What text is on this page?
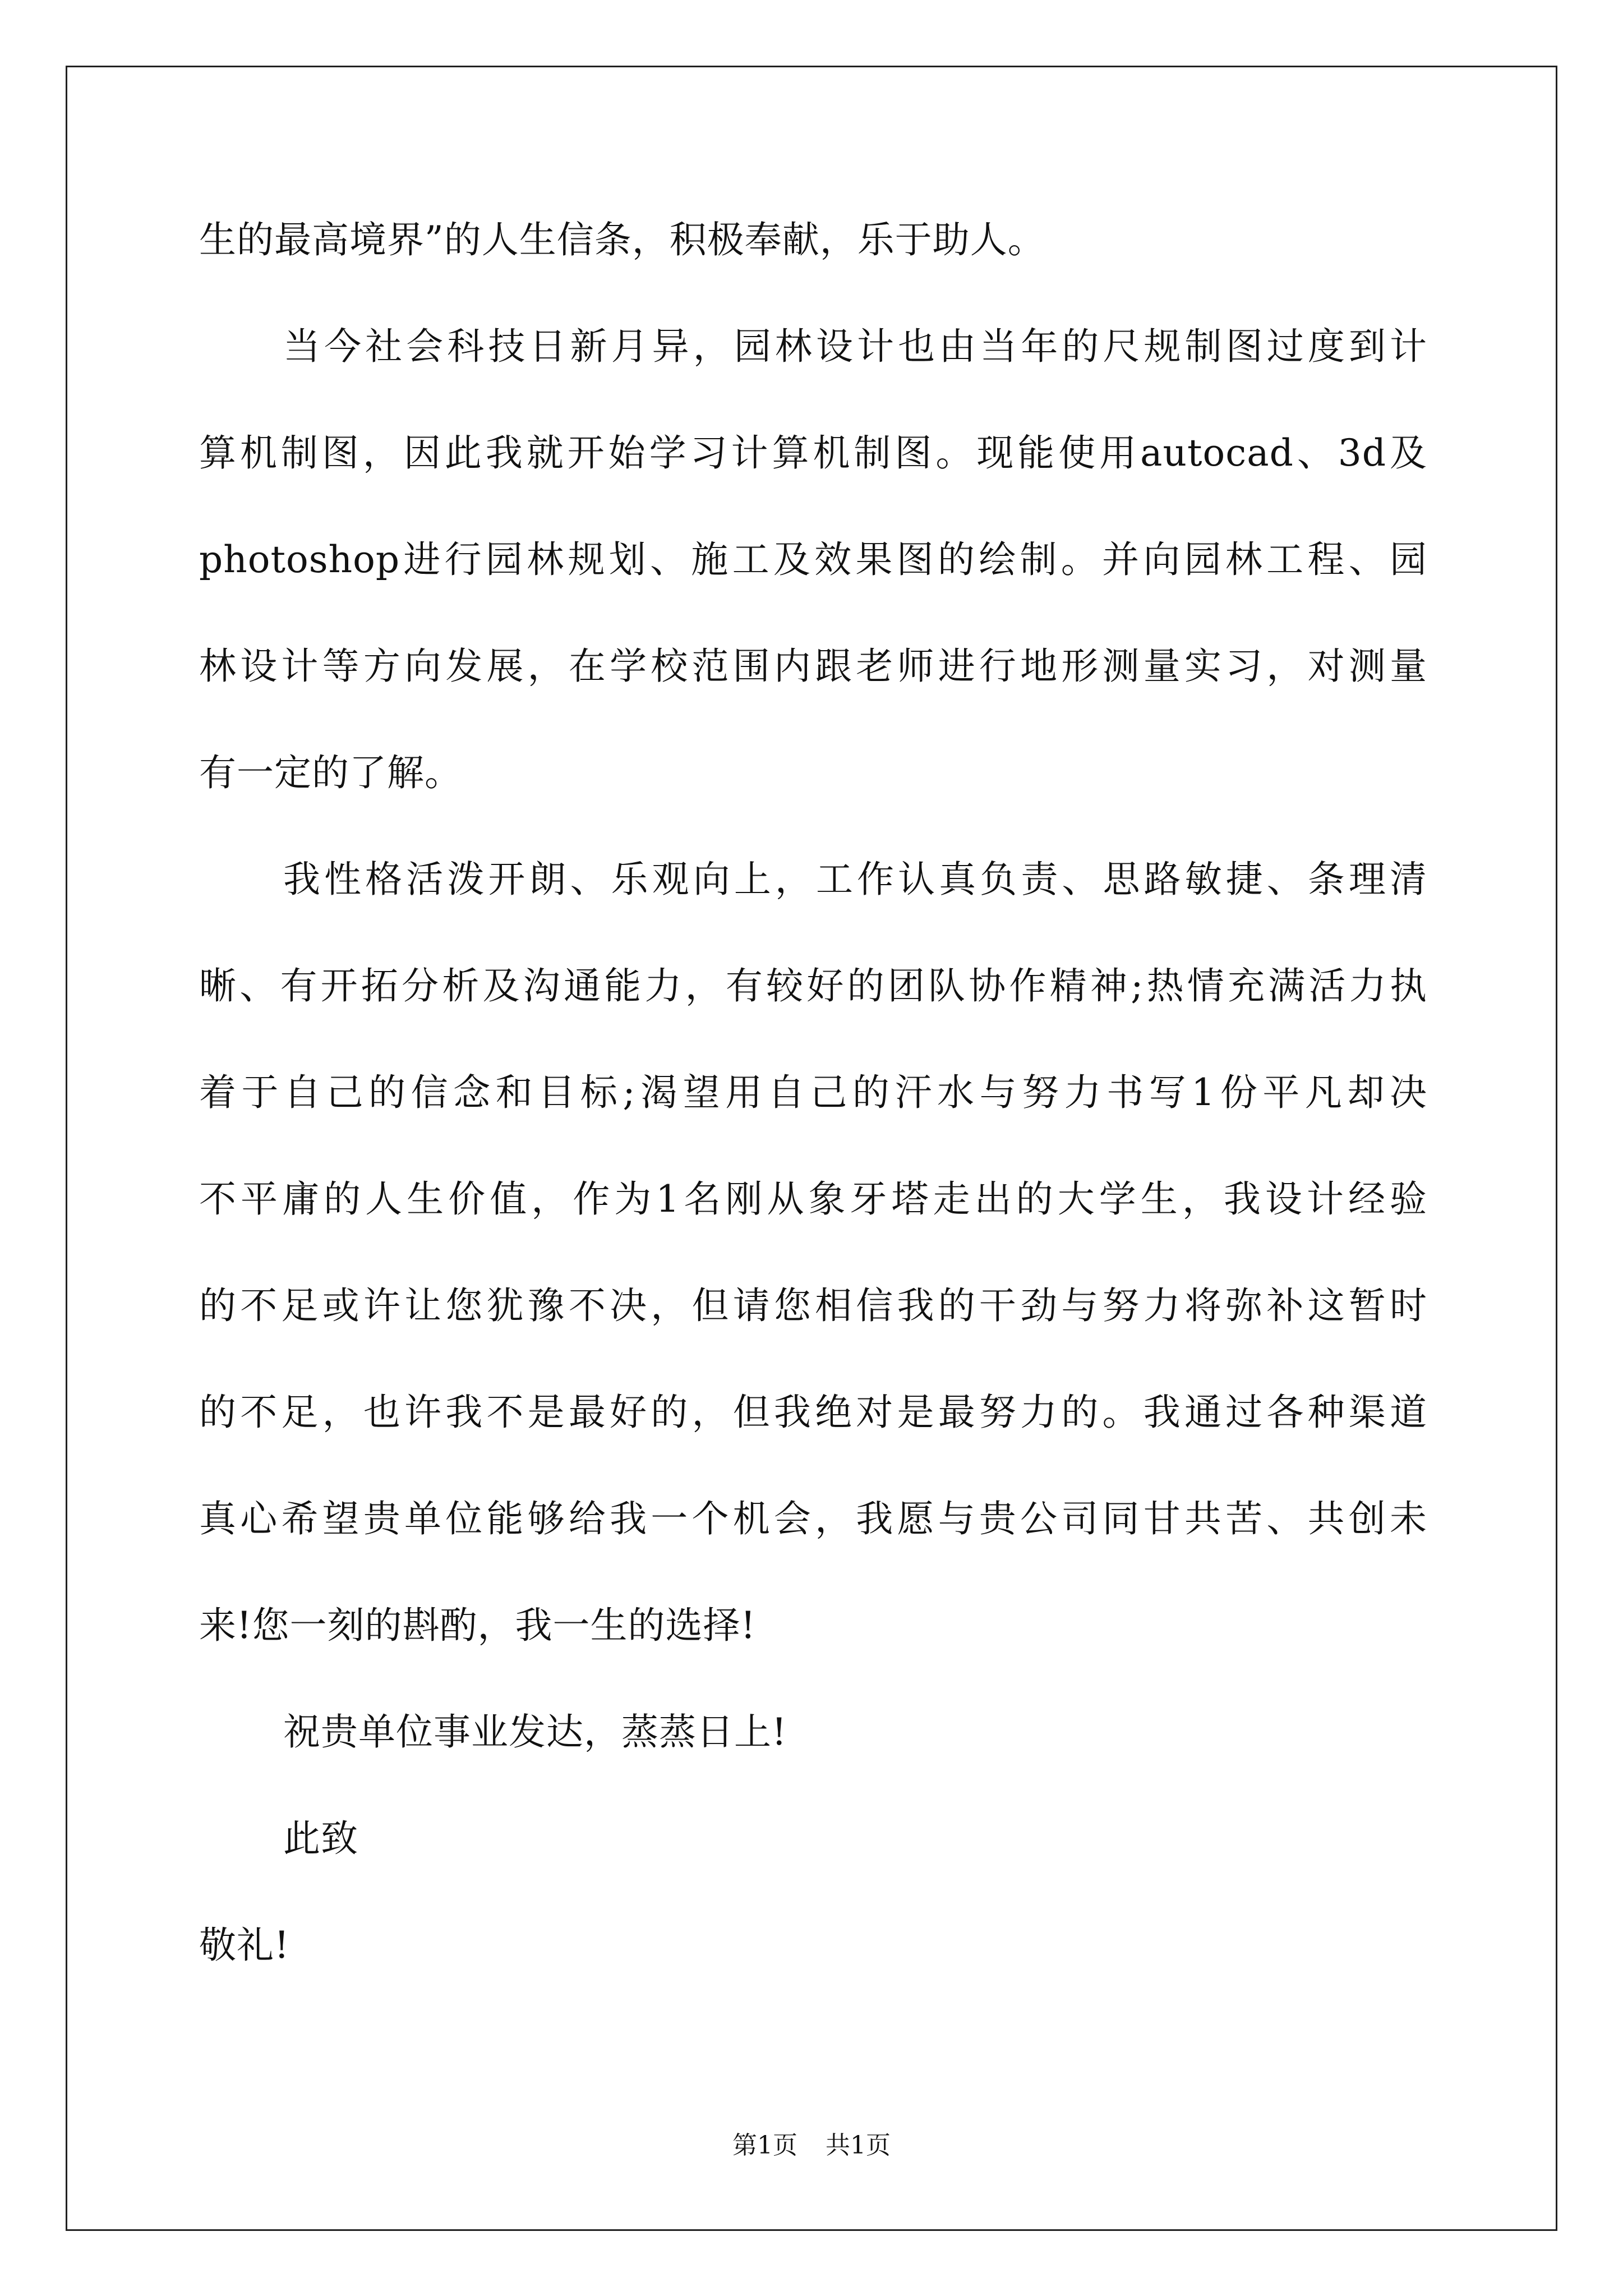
生的最高境界”的人生信条，积极奉献，乐于助人。
当今社会科技日新月异，园林设计也由当年的尺规制图过度到计
算机制图，因此我就开始学习计算机制图。现能使用autocad、3d及
photoshop进行园林规划、施工及效果图的绘制。并向园林工程、园
林设计等方向发展，在学校范围内跟老师进行地形测量实习，对测量
有一定的了解。
我性格活泼开朗、乐观向上，工作认真负责、思路敏捷、条理清
晰、有开拓分析及沟通能力，有较好的团队协作精神;热情充满活力执
着于自己的信念和目标;渴望用自己的汗水与努力书写1份平凡却决
不平庸的人生价值，作为1名刚从象牙塔走出的大学生，我设计经验
的不足或许让您犹豫不决，但请您相信我的干劲与努力将弥补这暂时
的不足，也许我不是最好的，但我绝对是最努力的。我通过各种渠道
真心希望贵单位能够给我一个机会，我愿与贵公司同甘共苦、共创未
来!您一刻的斟酌，我一生的选择!
祝贵单位事业发达，蒸蒸日上!
此致
敬礼!
第1页 共1页
